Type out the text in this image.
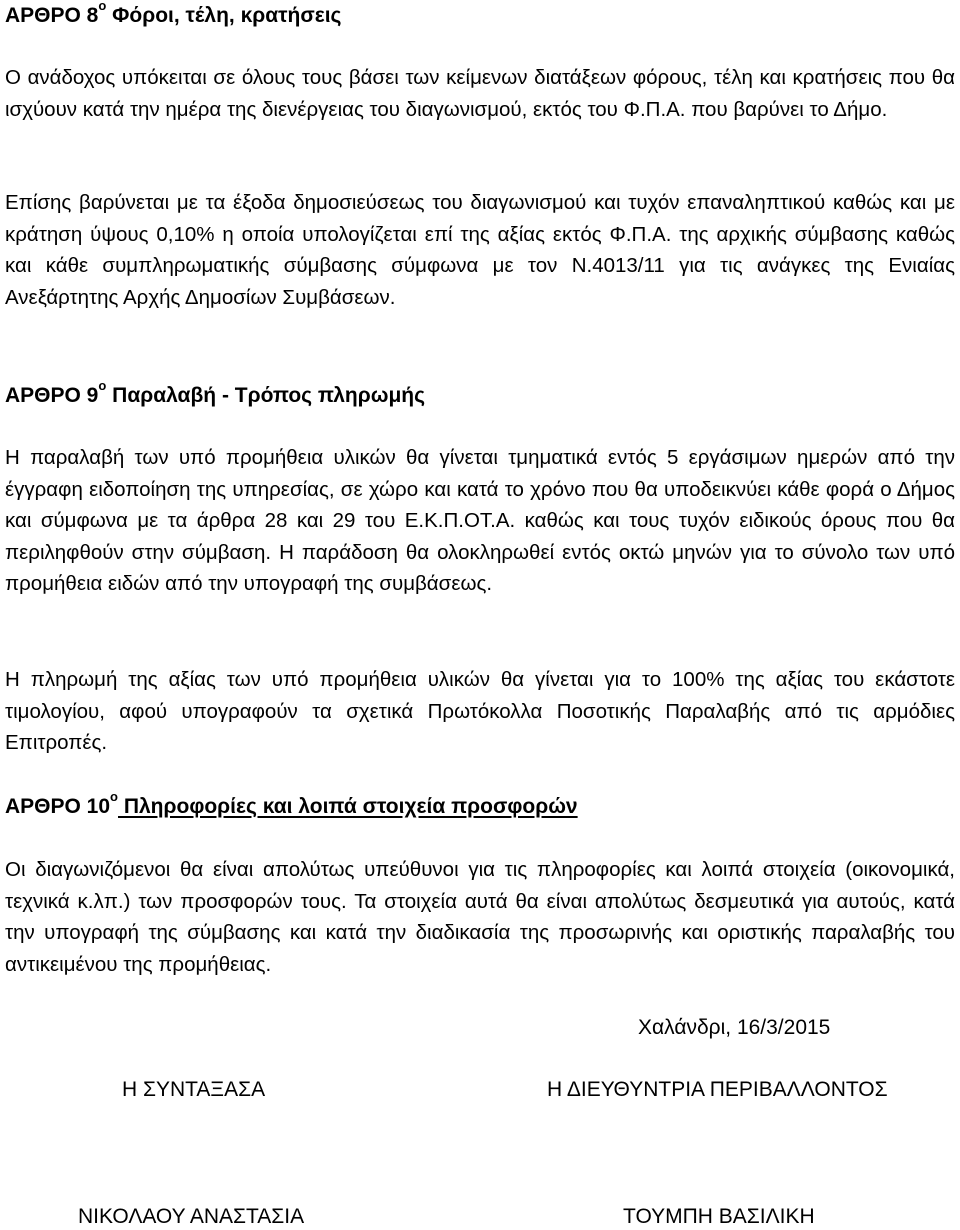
ΑΡΘΡΟ $8^o$ Φόροι, τέλη, κρατήσεις

Ο ανάδοχος υπόκειται σε όλους τους βάσει των κείμενων διατάξεων φόρους, τέλη και κρατήσεις που θα ισχύουν κατά την ημέρα της διενέργειας του διαγωνισμού, εκτός του Φ.Π.Α. που βαρύνει το Δήμο.

Επίσης βαρύνεται με τα έξοδα δημοσιεύσεως του διαγωνισμού και τυχόν επαναληπτικού καθώς και με κράτηση ύψους 0,10% η οποία υπολογίζεται επί της αξίας εκτός Φ.Π.Α. της αρχικής σύμβασης καθώς και κάθε συμπληρωματικής σύμβασης σύμφωνα με τον Ν.4013/11 για τις ανάγκες της Ενιαίας Ανεξάρτητης Αρχής Δημοσίων Συμβάσεων.

ΑΡΘΡΟ $9^o$ Παραλαβή - Τρόπος πληρωμής

Η παραλαβή των υπό προμήθεια υλικών θα γίνεται τμηματικά εντός 5 εργάσιμων ημερών από την έγγραφη ειδοποίηση της υπηρεσίας, σε χώρο και κατά το χρόνο που θα υποδεικνύει κάθε φορά ο Δήμος και σύμφωνα με τα άρθρα 28 και 29 του Ε.Κ.Π.ΟΤ.Α. καθώς και τους τυχόν ειδικούς όρους που θα περιληφθούν στην σύμβαση. Η παράδοση θα ολοκληρωθεί εντός οκτώ μηνών για το σύνολο των υπό προμήθεια ειδών από την υπογραφή της συμβάσεως.

Η πληρωμή της αξίας των υπό προμήθεια υλικών θα γίνεται για το 100% της αξίας του εκάστοτε τιμολογίου, αφού υπογραφούν τα σχετικά Πρωτόκολλα Ποσοτικής Παραλαβής από τις αρμόδιες Επιτροπές.

ΑΡΘΡΟ $10^o$ Πληροφορίες και λοιπά στοιχεία προσφορών

Οι διαγωνιζόμενοι θα είναι απολύτως υπεύθυνοι για τις πληροφορίες και λοιπά στοιχεία (οικονομικά, τεχνικά κ.λπ.) των προσφορών τους. Τα στοιχεία αυτά θα είναι απολύτως δεσμευτικά για αυτούς, κατά την υπογραφή της σύμβασης και κατά την διαδικασία της προσωρινής και οριστικής παραλαβής του αντικειμένου της προμήθειας.

Χαλάνδρι, 16/3/2015
Η ΣΥΝΤΑΞΑΣΑ	Η ΔΙΕΥΘΥΝΤΡΙΑ ΠΕΡΙΒΑΛΛΟΝΤΟΣ
ΝΙΚΟΛΑΟΥ ΑΝΑΣΤΑΣΙΑ	ΤΟΥΜΠΗ ΒΑΣΙΛΙΚΗ
